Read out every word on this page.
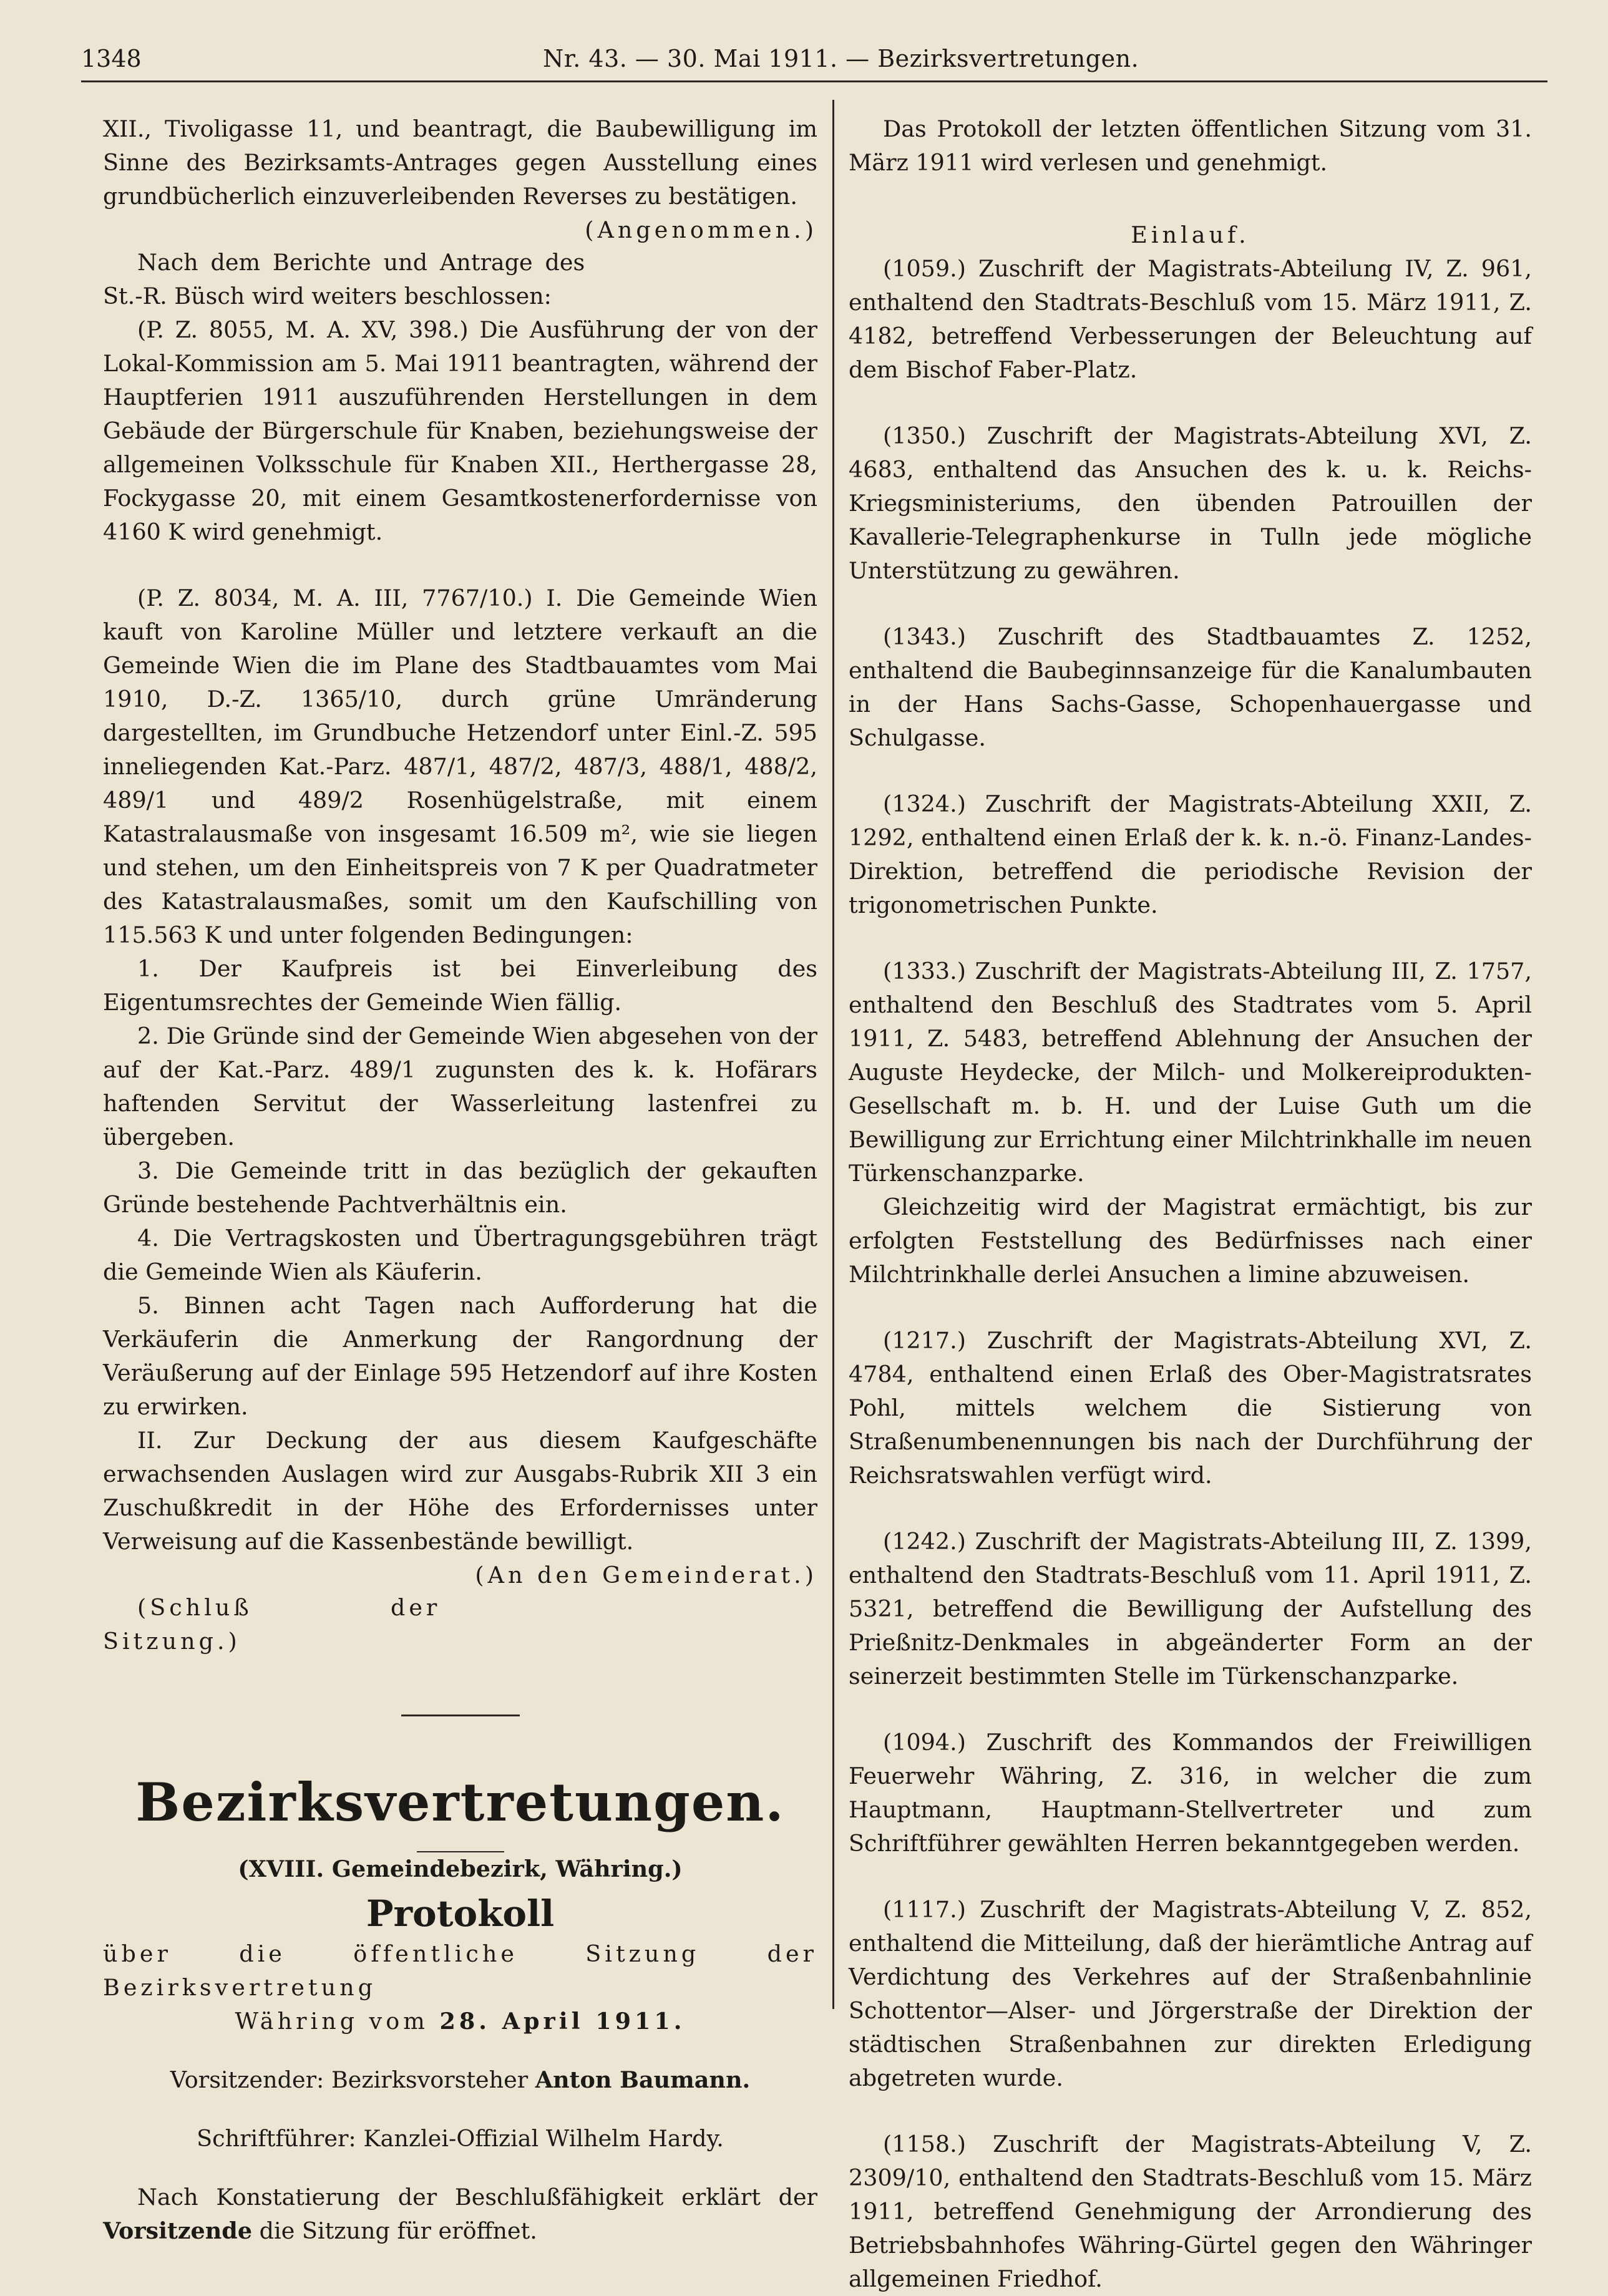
1348	Nr. 43. — 30. Mai 1911. — Bezirksvertretungen.

XII., Tivoligasse 11, und beantragt, die Baubewilligung im Sinne des Bezirksamts-Antrages gegen Ausstellung eines grundbücherlich einzuverleibenden Reverses zu bestätigen.
(Angenommen.)

Nach dem Berichte und Antrage des St.-R. Büsch wird weiters beschlossen:

(P. Z. 8055, M. A. XV, 398.) Die Ausführung der von der Lokal-Kommission am 5. Mai 1911 beantragten, während der Hauptferien 1911 auszuführenden Herstellungen in dem Gebäude der Bürgerschule für Knaben, beziehungsweise der allgemeinen Volksschule für Knaben XII., Herthergasse 28, Fockygasse 20, mit einem Gesamtkostenerfordernisse von 4160 K wird genehmigt.

(P. Z. 8034, M. A. III, 7767/10.) I. Die Gemeinde Wien kauft von Karoline Müller und letztere verkauft an die Gemeinde Wien die im Plane des Stadtbauamtes vom Mai 1910, D.-Z. 1365/10, durch grüne Umränderung dargestellten, im Grundbuche Hetzendorf unter Einl.-Z. 595 inneliegenden Kat.-Parz. 487/1, 487/2, 487/3, 488/1, 488/2, 489/1 und 489/2 Rosenhügelstraße, mit einem Katastralausmaße von insgesamt 16.509 m², wie sie liegen und stehen, um den Einheitspreis von 7 K per Quadratmeter des Katastralausmaßes, somit um den Kaufschilling von 115.563 K und unter folgenden Bedingungen:

1. Der Kaufpreis ist bei Einverleibung des Eigentumsrechtes der Gemeinde Wien fällig.

2. Die Gründe sind der Gemeinde Wien abgesehen von der auf der Kat.-Parz. 489/1 zugunsten des k. k. Hofärars haftenden Servitut der Wasserleitung lastenfrei zu übergeben.

3. Die Gemeinde tritt in das bezüglich der gekauften Gründe bestehende Pachtverhältnis ein.

4. Die Vertragskosten und Übertragungsgebühren trägt die Gemeinde Wien als Käuferin.

5. Binnen acht Tagen nach Aufforderung hat die Verkäuferin die Anmerkung der Rangordnung der Veräußerung auf der Einlage 595 Hetzendorf auf ihre Kosten zu erwirken.

II. Zur Deckung der aus diesem Kaufgeschäfte erwachsenden Auslagen wird zur Ausgabs-Rubrik XII 3 ein Zuschußkredit in der Höhe des Erfordernisses unter Verweisung auf die Kassenbestände bewilligt.
(An den Gemeinderat.)

(Schluß der Sitzung.)

Bezirksvertretungen.

(XVIII. Gemeindebezirk, Währing.)

Protokoll

über die öffentliche Sitzung der Bezirksvertretung

Währing vom 28. April 1911.

Vorsitzender: Bezirksvorsteher Anton Baumann.

Schriftführer: Kanzlei-Offizial Wilhelm Hardy.

Nach Konstatierung der Beschlußfähigkeit erklärt der Vorsitzende die Sitzung für eröffnet.

Das Protokoll der letzten öffentlichen Sitzung vom 31. März 1911 wird verlesen und genehmigt.

Einlauf.

(1059.) Zuschrift der Magistrats-Abteilung IV, Z. 961, enthaltend den Stadtrats-Beschluß vom 15. März 1911, Z. 4182, betreffend Verbesserungen der Beleuchtung auf dem Bischof Faber-Platz.

(1350.) Zuschrift der Magistrats-Abteilung XVI, Z. 4683, enthaltend das Ansuchen des k. u. k. Reichs-Kriegsministeriums, den übenden Patrouillen der Kavallerie-Telegraphenkurse in Tulln jede mögliche Unterstützung zu gewähren.

(1343.) Zuschrift des Stadtbauamtes Z. 1252, enthaltend die Baubeginnsanzeige für die Kanalumbauten in der Hans Sachs-Gasse, Schopenhauergasse und Schulgasse.

(1324.) Zuschrift der Magistrats-Abteilung XXII, Z. 1292, enthaltend einen Erlaß der k. k. n.-ö. Finanz-Landes-Direktion, betreffend die periodische Revision der trigonometrischen Punkte.

(1333.) Zuschrift der Magistrats-Abteilung III, Z. 1757, enthaltend den Beschluß des Stadtrates vom 5. April 1911, Z. 5483, betreffend Ablehnung der Ansuchen der Auguste Heydecke, der Milch- und Molkereiprodukten-Gesellschaft m. b. H. und der Luise Guth um die Bewilligung zur Errichtung einer Milchtrinkhalle im neuen Türkenschanzparke.

Gleichzeitig wird der Magistrat ermächtigt, bis zur erfolgten Feststellung des Bedürfnisses nach einer Milchtrinkhalle derlei Ansuchen a limine abzuweisen.

(1217.) Zuschrift der Magistrats-Abteilung XVI, Z. 4784, enthaltend einen Erlaß des Ober-Magistratsrates Pohl, mittels welchem die Sistierung von Straßenumbenennungen bis nach der Durchführung der Reichsratswahlen verfügt wird.

(1242.) Zuschrift der Magistrats-Abteilung III, Z. 1399, enthaltend den Stadtrats-Beschluß vom 11. April 1911, Z. 5321, betreffend die Bewilligung der Aufstellung des Prießnitz-Denkmales in abgeänderter Form an der seinerzeit bestimmten Stelle im Türkenschanzparke.

(1094.) Zuschrift des Kommandos der Freiwilligen Feuerwehr Währing, Z. 316, in welcher die zum Hauptmann, Hauptmann-Stellvertreter und zum Schriftführer gewählten Herren bekanntgegeben werden.

(1117.) Zuschrift der Magistrats-Abteilung V, Z. 852, enthaltend die Mitteilung, daß der hierämtliche Antrag auf Verdichtung des Verkehres auf der Straßenbahnlinie Schottentor—Alser- und Jörgerstraße der Direktion der städtischen Straßenbahnen zur direkten Erledigung abgetreten wurde.

(1158.) Zuschrift der Magistrats-Abteilung V, Z. 2309/10, enthaltend den Stadtrats-Beschluß vom 15. März 1911, betreffend Genehmigung der Arrondierung des Betriebsbahnhofes Währing-Gürtel gegen den Währinger allgemeinen Friedhof.
